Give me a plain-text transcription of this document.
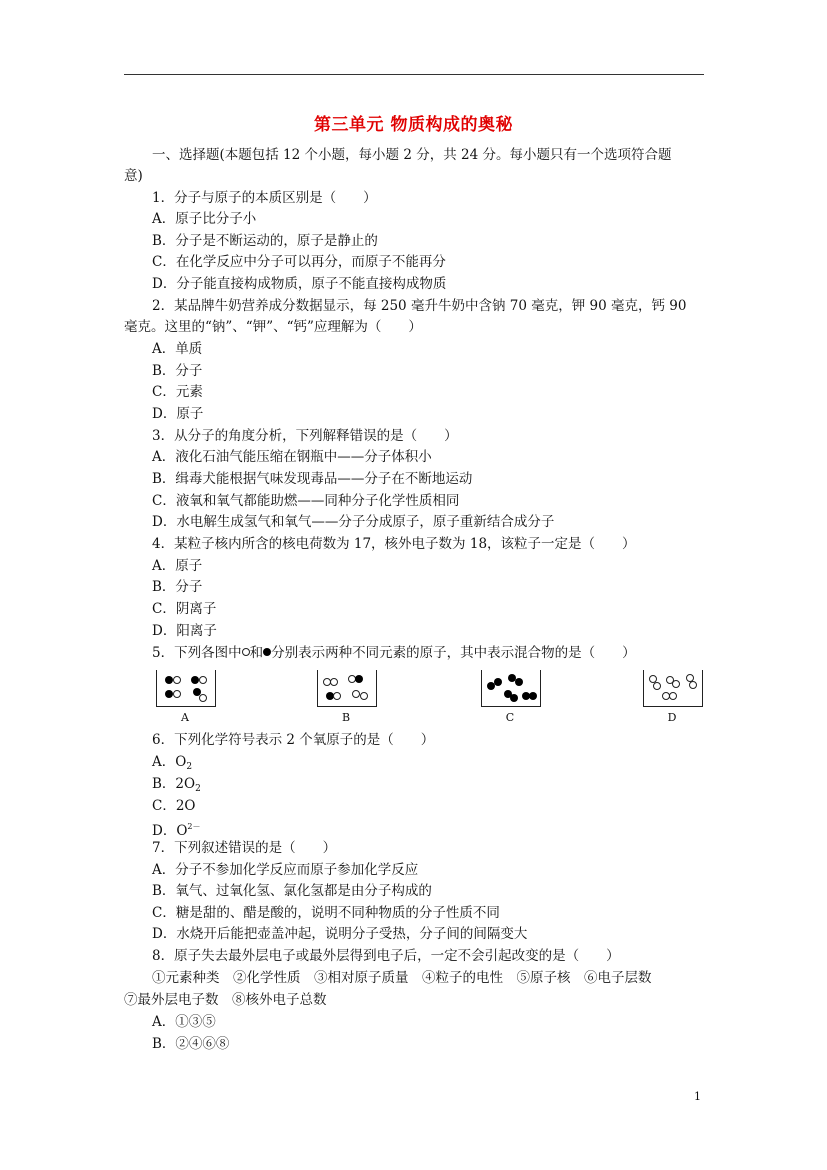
第三单元 物质构成的奥秘
一、选择题(本题包括 12 个小题，每小题 2 分，共 24 分。每小题只有一个选项符合题
意)
1．分子与原子的本质区别是（　　）
A．原子比分子小
B．分子是不断运动的，原子是静止的
C．在化学反应中分子可以再分，而原子不能再分
D．分子能直接构成物质，原子不能直接构成物质
2．某品牌牛奶营养成分数据显示，每 250 毫升牛奶中含钠 70 毫克，钾 90 毫克，钙 90
毫克。这里的“钠”、“钾”、“钙”应理解为（　　）
A．单质
B．分子
C．元素
D．原子
3．从分子的角度分析，下列解释错误的是（　　）
A．液化石油气能压缩在钢瓶中——分子体积小
B．缉毒犬能根据气味发现毒品——分子在不断地运动
C．液氧和氧气都能助燃——同种分子化学性质相同
D．水电解生成氢气和氧气——分子分成原子，原子重新结合成分子
4．某粒子核内所含的核电荷数为 17，核外电子数为 18，该粒子一定是（　　）
A．原子
B．分子
C．阴离子
D．阳离子
5．下列各图中 和 分别表示两种不同元素的原子，其中表示混合物的是（　　）
A	B	C	D
6．下列化学符号表示 2 个氧原子的是（　　）
A．$O_2$
B．$2O_2$
C．2O
D．$O^{2-}$
7．下列叙述错误的是（　　）
A．分子不参加化学反应而原子参加化学反应
B．氧气、过氧化氢、氯化氢都是由分子构成的
C．糖是甜的、醋是酸的，说明不同种物质的分子性质不同
D．水烧开后能把壶盖冲起，说明分子受热，分子间的间隔变大
8．原子失去最外层电子或最外层得到电子后，一定不会引起改变的是（　　）
①元素种类　②化学性质　③相对原子质量　④粒子的电性　⑤原子核　⑥电子层数
⑦最外层电子数　⑧核外电子总数
A．①③⑤
B．②④⑥⑧
1
